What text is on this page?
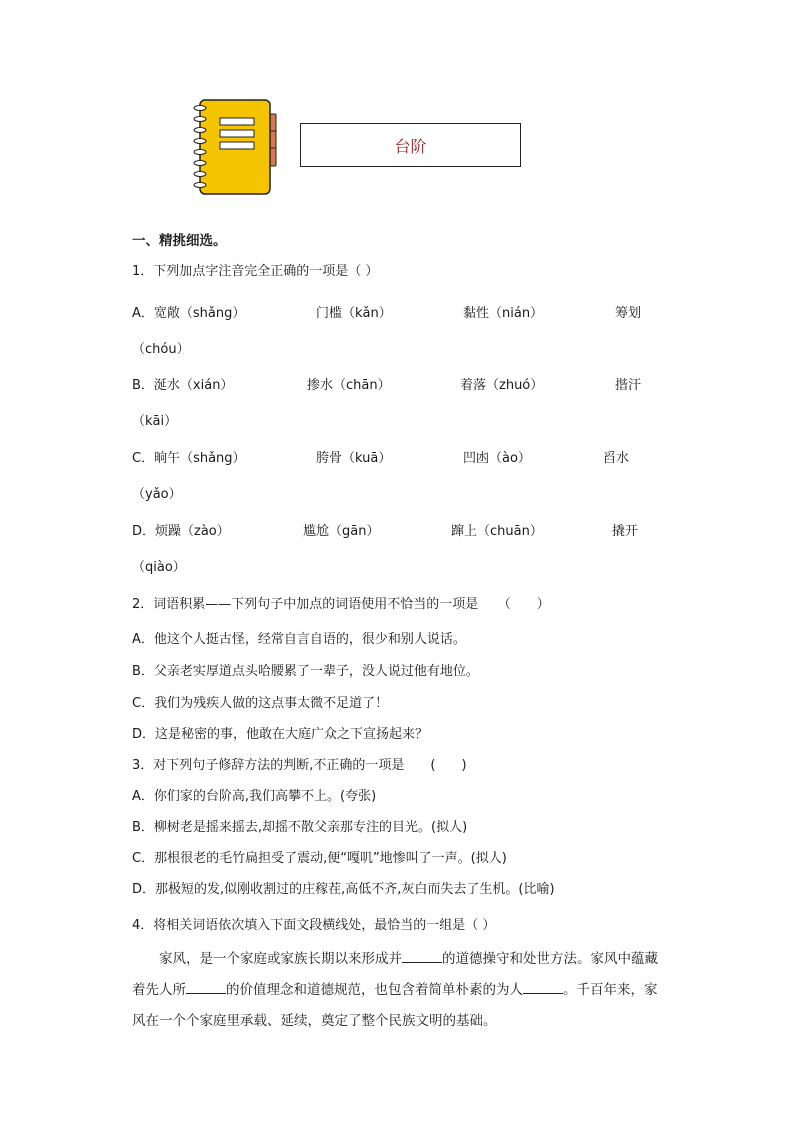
台阶
一、精挑细选。
1．下列加点字注音完全正确的一项是（ ）
A．宽敞（shǎng）	门槛（kǎn）	黏性（nián）	筹划
（chóu）
B．涎水（xián）	掺水（chān）	着落（zhuó）	揩汗
（kāi）
C．晌午（shǎng）	胯骨（kuā）	凹凼（ào）	舀水
（yǎo）
D．烦躁（zào）	尴尬（gān）	蹿上（chuān）	撬开
（qiào）
2．词语积累——下列句子中加点的词语使用不恰当的一项是　　（　　）
A．他这个人挺古怪，经常自言自语的，很少和别人说话。
B．父亲老实厚道点头哈腰累了一辈子，没人说过他有地位。
C．我们为残疾人做的这点事太微不足道了！
D．这是秘密的事，他敢在大庭广众之下宣扬起来？
3．对下列句子修辞方法的判断,不正确的一项是　　(　　)
A．你们家的台阶高,我们高攀不上。(夸张)
B．柳树老是摇来摇去,却摇不散父亲那专注的目光。(拟人)
C．那根很老的毛竹扁担受了震动,便“嘎叽”地惨叫了一声。(拟人)
D．那极短的发,似刚收割过的庄稼茬,高低不齐,灰白而失去了生机。(比喻)
4．将相关词语依次填入下面文段横线处，最恰当的一组是（ ）
家风，是一个家庭或家族长期以来形成并	的道德操守和处世方法。家风中蕴藏着先人所	的价值理念和道德规范，也包含着简单朴素的为人	。千百年来，家风在一个个家庭里承载、延续，奠定了整个民族文明的基础。
